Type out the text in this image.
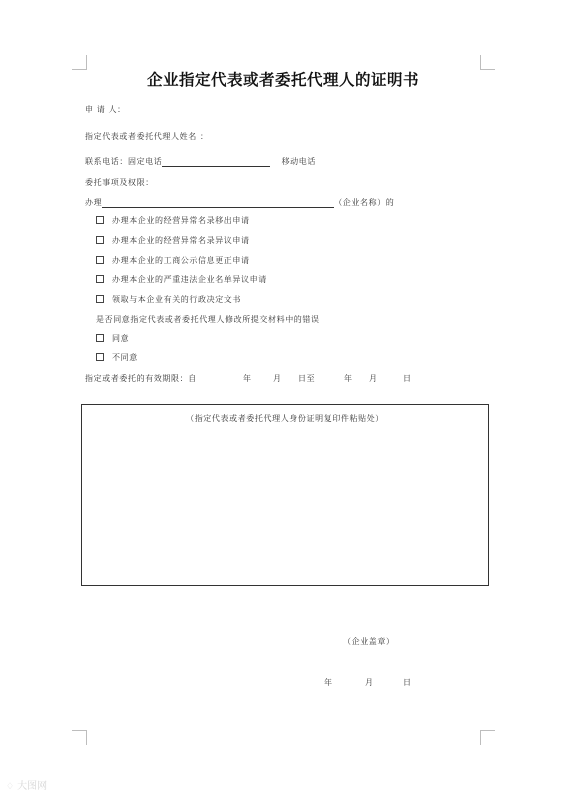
企业指定代表或者委托代理人的证明书
申 请 人：
指定代表或者委托代理人姓名 ：
联系电话：固定电话	移动电话
委托事项及权限：
办理	（企业名称）的
办理本企业的经营异常名录移出申请
办理本企业的经营异常名录异议申请
办理本企业的工商公示信息更正申请
办理本企业的严重违法企业名单异议申请
领取与本企业有关的行政决定文书
是否同意指定代表或者委托代理人修改所提交材料中的错误
同意
不同意
指定或者委托的有效期限：自	年	月 日至	年 月	日
（指定代表或者委托代理人身份证明复印件粘贴处）
（企业盖章）
年	月	日
♢ 大图网
